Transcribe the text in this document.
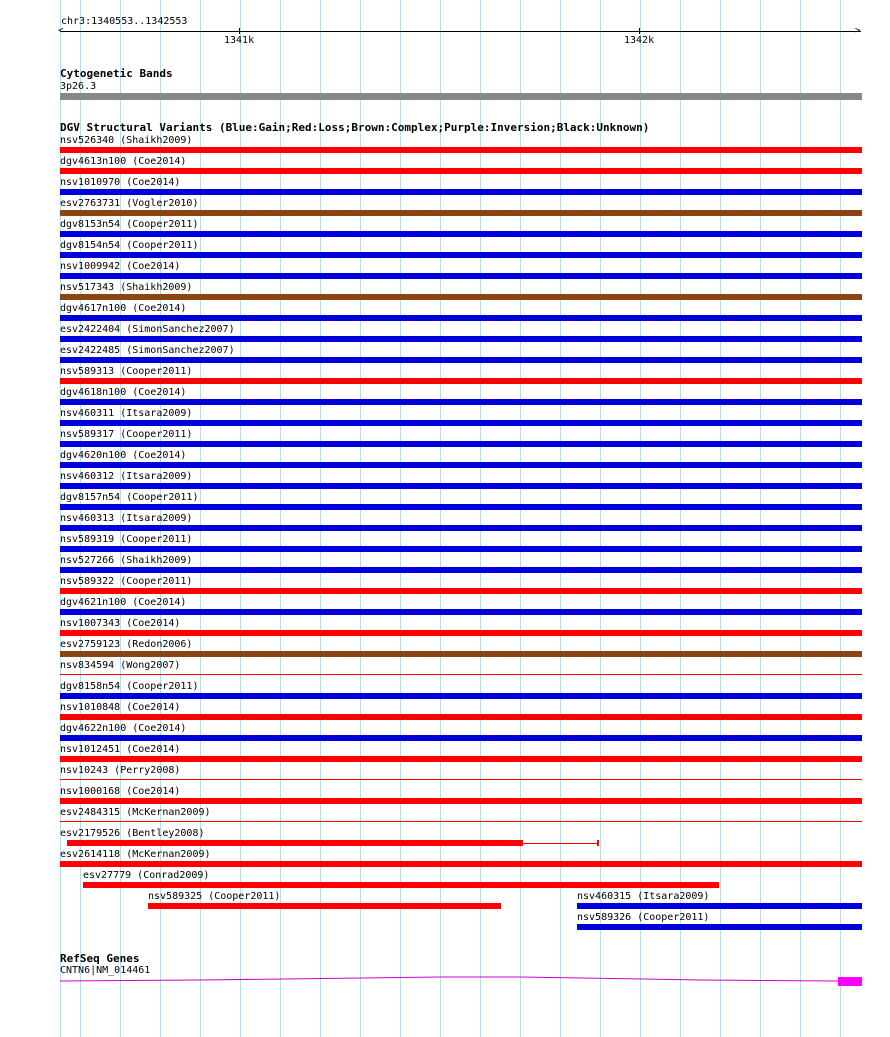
chr3:1340553..1342553
<	>
1341k	1342k
Cytogenetic Bands
3p26.3
DGV Structural Variants (Blue:Gain;Red:Loss;Brown:Complex;Purple:Inversion;Black:Unknown)
nsv526340 (Shaikh2009)
dgv4613n100 (Coe2014)
nsv1010970 (Coe2014)
esv2763731 (Vogler2010)
dgv8153n54 (Cooper2011)
dgv8154n54 (Cooper2011)
nsv1009942 (Coe2014)
nsv517343 (Shaikh2009)
dgv4617n100 (Coe2014)
esv2422404 (SimonSanchez2007)
esv2422485 (SimonSanchez2007)
nsv589313 (Cooper2011)
dgv4618n100 (Coe2014)
nsv460311 (Itsara2009)
nsv589317 (Cooper2011)
dgv4620n100 (Coe2014)
nsv460312 (Itsara2009)
dgv8157n54 (Cooper2011)
nsv460313 (Itsara2009)
nsv589319 (Cooper2011)
nsv527266 (Shaikh2009)
nsv589322 (Cooper2011)
dgv4621n100 (Coe2014)
nsv1007343 (Coe2014)
esv2759123 (Redon2006)
nsv834594 (Wong2007)
dgv8158n54 (Cooper2011)
nsv1010848 (Coe2014)
dgv4622n100 (Coe2014)
nsv1012451 (Coe2014)
nsv10243 (Perry2008)
nsv1000168 (Coe2014)
esv2484315 (McKernan2009)
esv2179526 (Bentley2008)
esv2614118 (McKernan2009)
esv27779 (Conrad2009)
nsv589325 (Cooper2011)	nsv460315 (Itsara2009)
nsv589326 (Cooper2011)
RefSeq Genes
CNTN6|NM_014461
